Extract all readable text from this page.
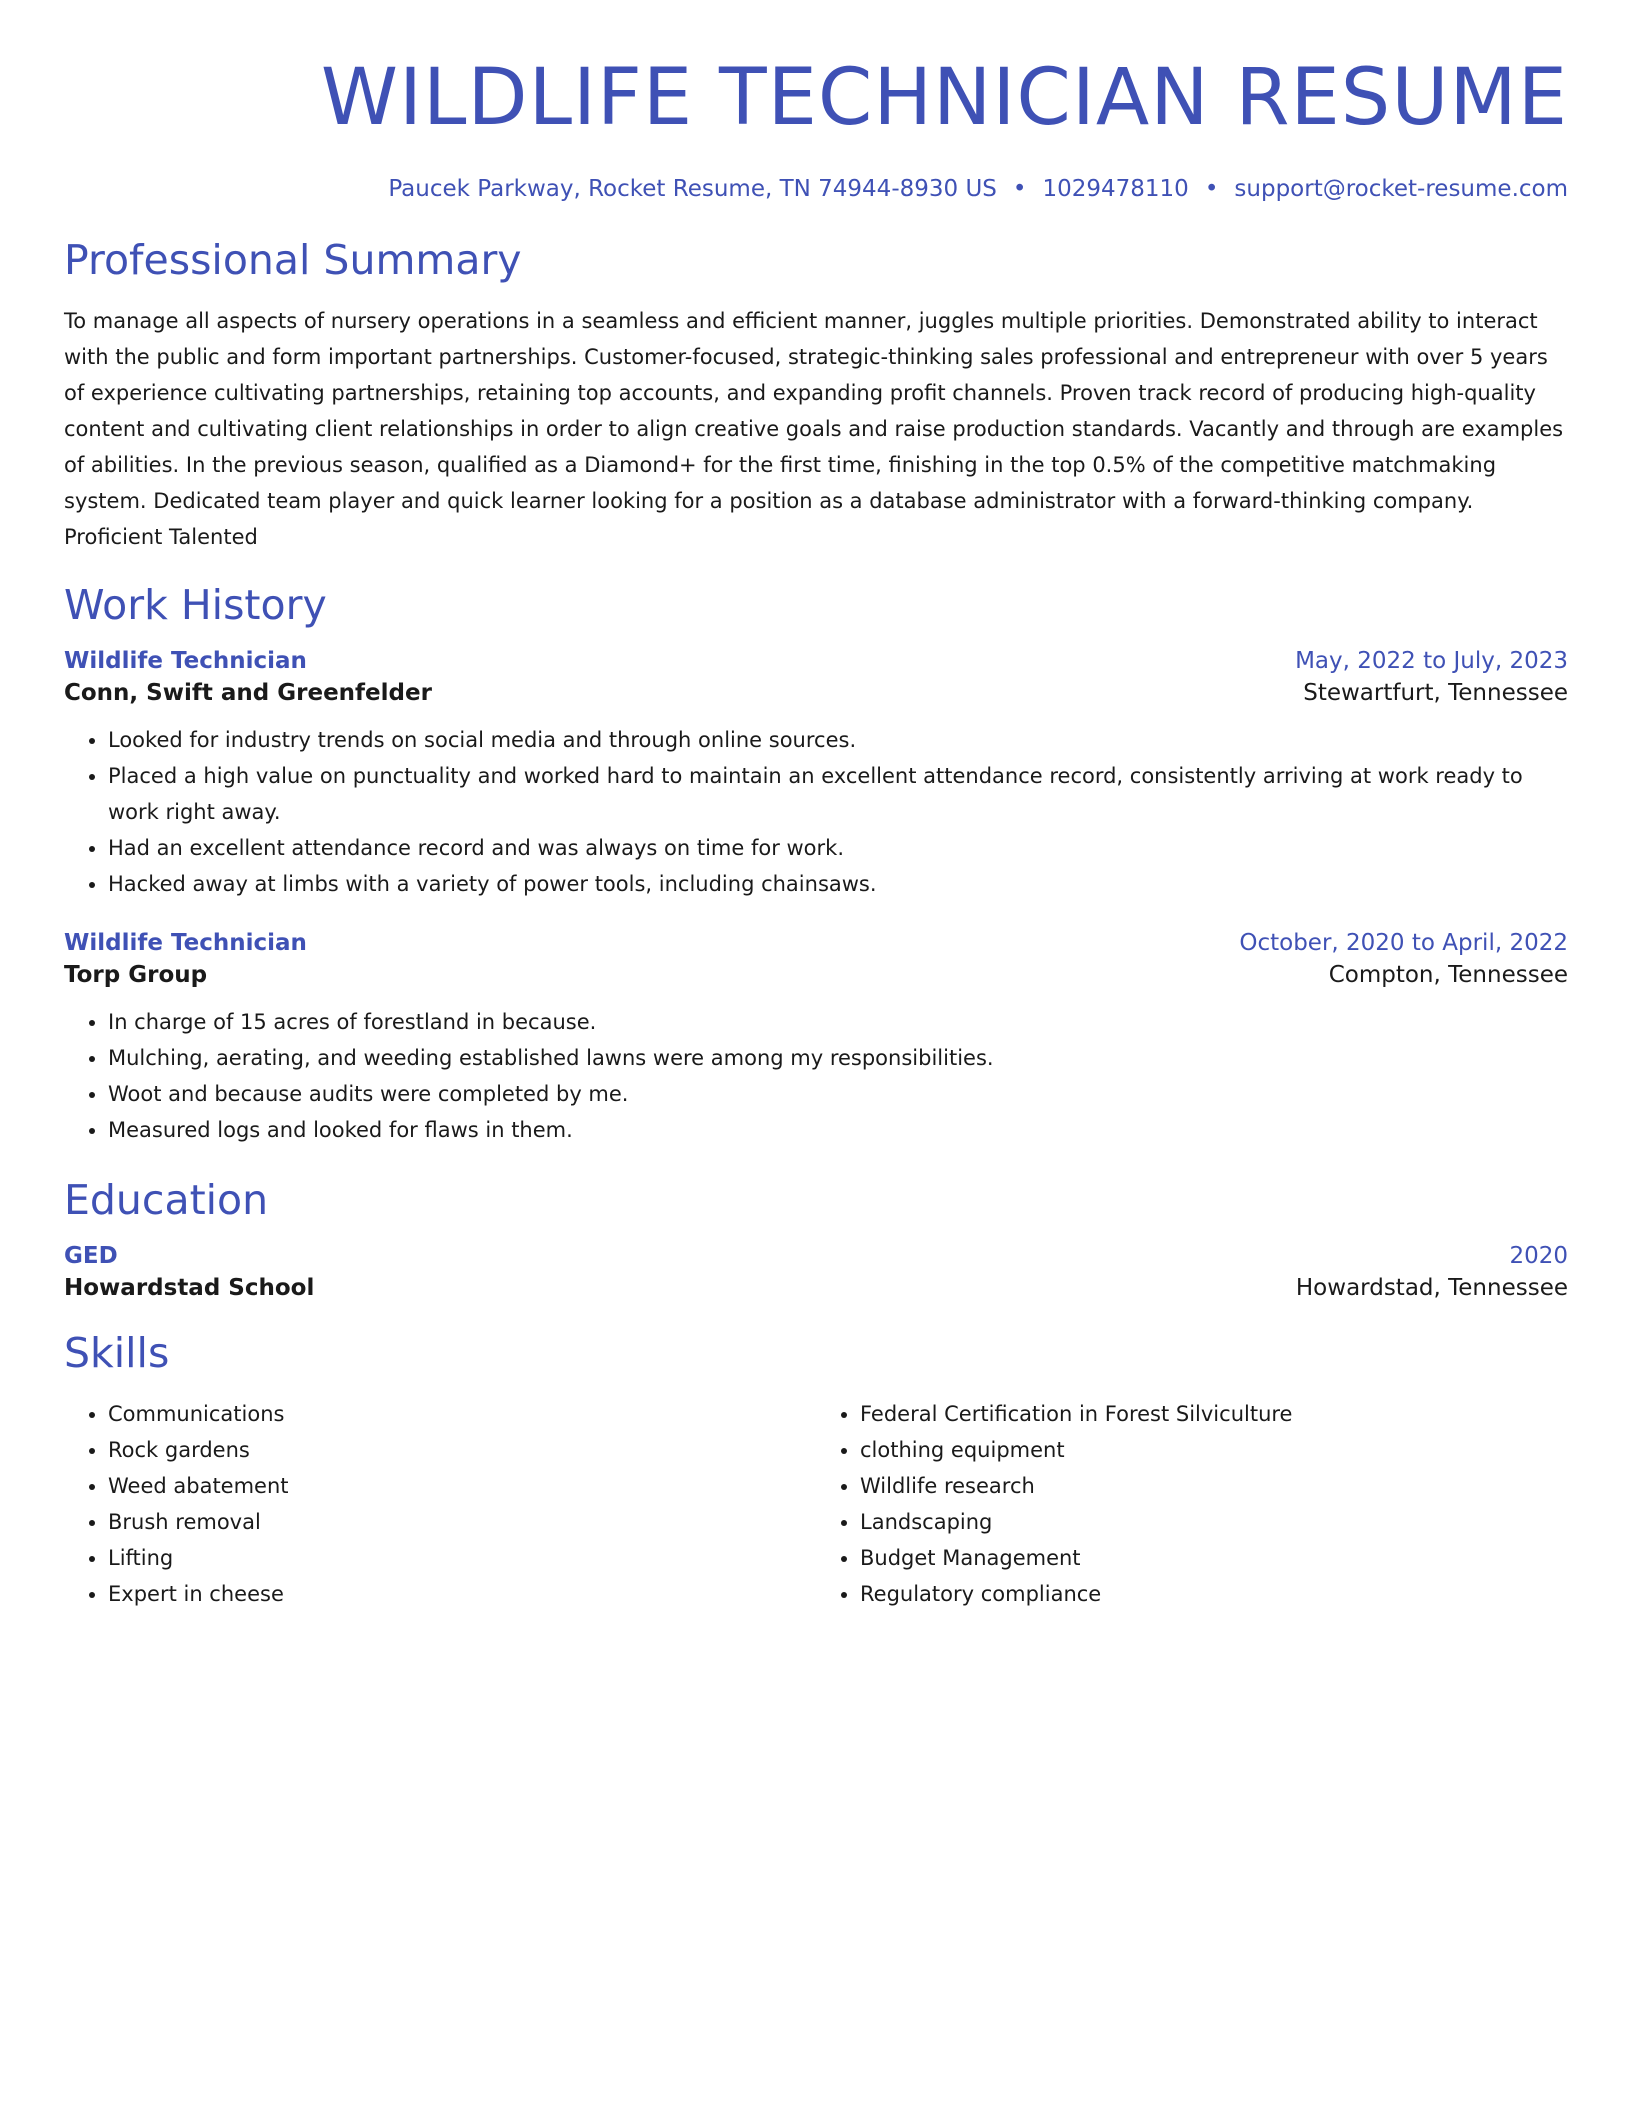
WILDLIFE TECHNICIAN RESUME
Paucek Parkway, Rocket Resume, TN 74944-8930 US • 1029478110 • support@rocket-resume.com
Professional Summary

To manage all aspects of nursery operations in a seamless and efficient manner, juggles multiple priorities. Demonstrated ability to interact with the public and form important partnerships. Customer-focused, strategic-thinking sales professional and entrepreneur with over 5 years of experience cultivating partnerships, retaining top accounts, and expanding profit channels. Proven track record of producing high-quality content and cultivating client relationships in order to align creative goals and raise production standards. Vacantly and through are examples of abilities. In the previous season, qualified as a Diamond+ for the first time, finishing in the top 0.5% of the competitive matchmaking system. Dedicated team player and quick learner looking for a position as a database administrator with a forward-thinking company. Proficient Talented

Work History
Wildlife Technician	May, 2022 to July, 2023
Conn, Swift and Greenfelder	Stewartfurt, Tennessee
• Looked for industry trends on social media and through online sources.
• Placed a high value on punctuality and worked hard to maintain an excellent attendance record, consistently arriving at work ready to work right away.
• Had an excellent attendance record and was always on time for work.
• Hacked away at limbs with a variety of power tools, including chainsaws.
Wildlife Technician	October, 2020 to April, 2022
Torp Group	Compton, Tennessee
• In charge of 15 acres of forestland in because.
• Mulching, aerating, and weeding established lawns were among my responsibilities.
• Woot and because audits were completed by me.
• Measured logs and looked for flaws in them.
Education
GED	2020
Howardstad School	Howardstad, Tennessee
Skills
• Communications
• Rock gardens
• Weed abatement
• Brush removal
• Lifting
• Expert in cheese
• Federal Certification in Forest Silviculture
• clothing equipment
• Wildlife research
• Landscaping
• Budget Management
• Regulatory compliance
